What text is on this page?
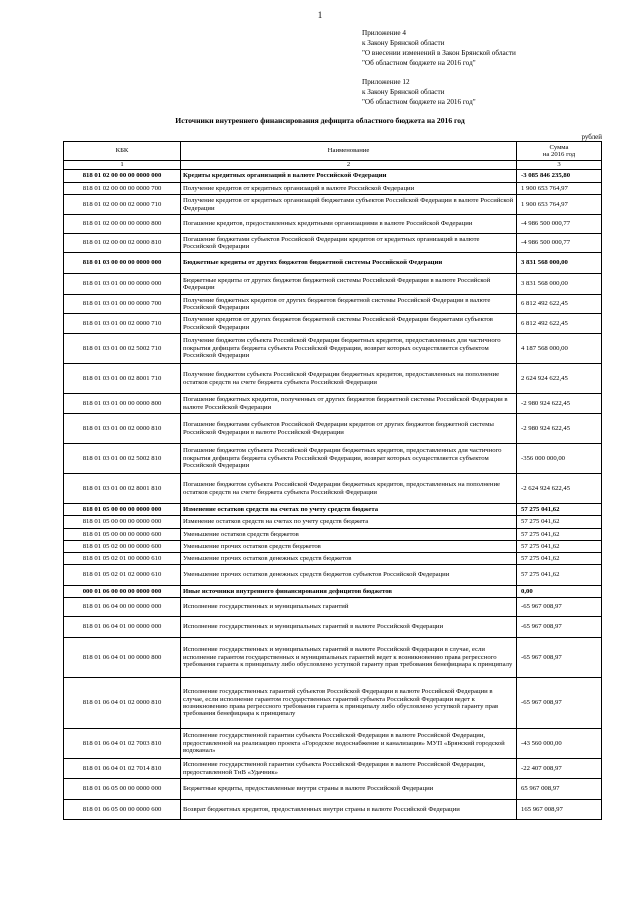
1
Приложение 4
к Закону Брянской области
"О внесении изменений в Закон Брянской области
"Об областном бюджете на 2016 год"
Приложение 12
к Закону Брянской области
"Об областном бюджете на 2016 год"
Источники внутреннего финансирования дефицита областного бюджета на 2016 год
рублей
КБК	Наименование	Сумма
на 2016 год

1	2	3
818 01 02 00 00 00 0000 000	Кредиты кредитных организаций в валюте Российской Федерации	-3 085 846 235,80
818 01 02 00 00 00 0000 700	Получение кредитов от кредитных организаций в валюте Российской Федерации	1 900 653 764,97
818 01 02 00 00 02 0000 710	Получение кредитов от кредитных организаций бюджетами субъектов Российской Федерации в валюте Российской Федерации	1 900 653 764,97
818 01 02 00 00 00 0000 800	Погашение кредитов, предоставленных кредитными организациями в валюте Российской Федерации	-4 986 500 000,77
818 01 02 00 00 02 0000 810	Погашение бюджетами субъектов Российской Федерации кредитов от кредитных организаций в валюте Российской Федерации	-4 986 500 000,77
818 01 03 00 00 00 0000 000	Бюджетные кредиты от других бюджетов бюджетной системы Российской Федерации	3 831 568 000,00
818 01 03 01 00 00 0000 000	Бюджетные кредиты от других бюджетов бюджетной системы Российской Федерации в валюте Российской Федерации	3 831 568 000,00
818 01 03 01 00 00 0000 700	Получение бюджетных кредитов от других бюджетов бюджетной системы Российской Федерации в валюте Российской Федерации	6 812 492 622,45
818 01 03 01 00 02 0000 710	Получение кредитов от других бюджетов бюджетной системы Российской Федерации бюджетами субъектов Российской Федерации	6 812 492 622,45
818 01 03 01 00 02 5002 710	Получение бюджетом субъекта Российской Федерации бюджетных кредитов, предоставленных для частичного покрытия дефицита бюджета субъекта Российской Федерации, возврат которых осуществляется субъектом Российской Федерации	4 187 568 000,00
818 01 03 01 00 02 8001 710	Получение бюджетом субъекта Российской Федерации бюджетных кредитов, предоставленных на пополнение остатков средств на счете бюджета субъекта Российской Федерации	2 624 924 622,45
818 01 03 01 00 00 0000 800	Погашение бюджетных кредитов, полученных от других бюджетов бюджетной системы Российской Федерации в валюте Российской Федерации	-2 980 924 622,45
818 01 03 01 00 02 0000 810	Погашение бюджетами субъектов Российской Федерации кредитов от других бюджетов бюджетной системы Российской Федерации в валюте Российской Федерации	-2 980 924 622,45
818 01 03 01 00 02 5002 810	Погашение бюджетом субъекта Российской Федерации бюджетных кредитов, предоставленных для частичного покрытия дефицита бюджета субъекта Российской Федерации, возврат которых осуществляется субъектом Российской Федерации	-356 000 000,00
818 01 03 01 00 02 8001 810	Погашение бюджетом субъекта Российской Федерации бюджетных кредитов, предоставленных на пополнение остатков средств на счете бюджета субъекта Российской Федерации	-2 624 924 622,45
818 01 05 00 00 00 0000 000	Изменение остатков средств на счетах по учету средств бюджета	57 275 041,62
818 01 05 00 00 00 0000 000	Изменение остатков средств на счетах по учету средств бюджета	57 275 041,62
818 01 05 00 00 00 0000 600	Уменьшение остатков средств бюджетов	57 275 041,62
818 01 05 02 00 00 0000 600	Уменьшение прочих остатков средств бюджетов	57 275 041,62
818 01 05 02 01 00 0000 610	Уменьшение прочих остатков денежных средств бюджетов	57 275 041,62
818 01 05 02 01 02 0000 610	Уменьшение прочих остатков денежных средств бюджетов субъектов Российской Федерации	57 275 041,62
000 01 06 00 00 00 0000 000	Иные источники внутреннего финансирования дефицитов бюджетов	0,00
818 01 06 04 00 00 0000 000	Исполнение государственных и муниципальных гарантий	-65 967 008,97
818 01 06 04 01 00 0000 000	Исполнение государственных и муниципальных гарантий в валюте Российской Федерации	-65 967 008,97
818 01 06 04 01 00 0000 800	Исполнение государственных и муниципальных гарантий в валюте Российской Федерации в случае, если исполнение гарантом государственных и муниципальных гарантий ведет к возникновению права регрессного требования гаранта к принципалу либо обусловлено уступкой гаранту прав требования бенефициара к принципалу	-65 967 008,97
818 01 06 04 01 02 0000 810	Исполнение государственных гарантий субъектов Российской Федерации в валюте Российской Федерации в случае, если исполнение гарантом государственных гарантий субъекта Российской Федерации ведет к возникновению права регрессного требования гаранта к принципалу либо обусловлено уступкой гаранту прав требования бенефициара к принципалу	-65 967 008,97
818 01 06 04 01 02 7003 810	Исполнение государственной гарантии субъекта Российской Федерации в валюте Российской Федерации, предоставленной на реализацию проекта «Городское водоснабжение и канализация» МУП «Брянский городской водоканал»	-43 560 000,00
818 01 06 04 01 02 7014 810	Исполнение государственной гарантии субъекта Российской Федерации в валюте Российской Федерации, предоставленной ТнВ «Удачник»	-22 407 008,97
818 01 06 05 00 00 0000 000	Бюджетные кредиты, предоставленные внутри страны в валюте Российской Федерации	65 967 008,97
818 01 06 05 00 00 0000 600	Возврат бюджетных кредитов, предоставленных внутри страны в валюте Российской Федерации	165 967 008,97
